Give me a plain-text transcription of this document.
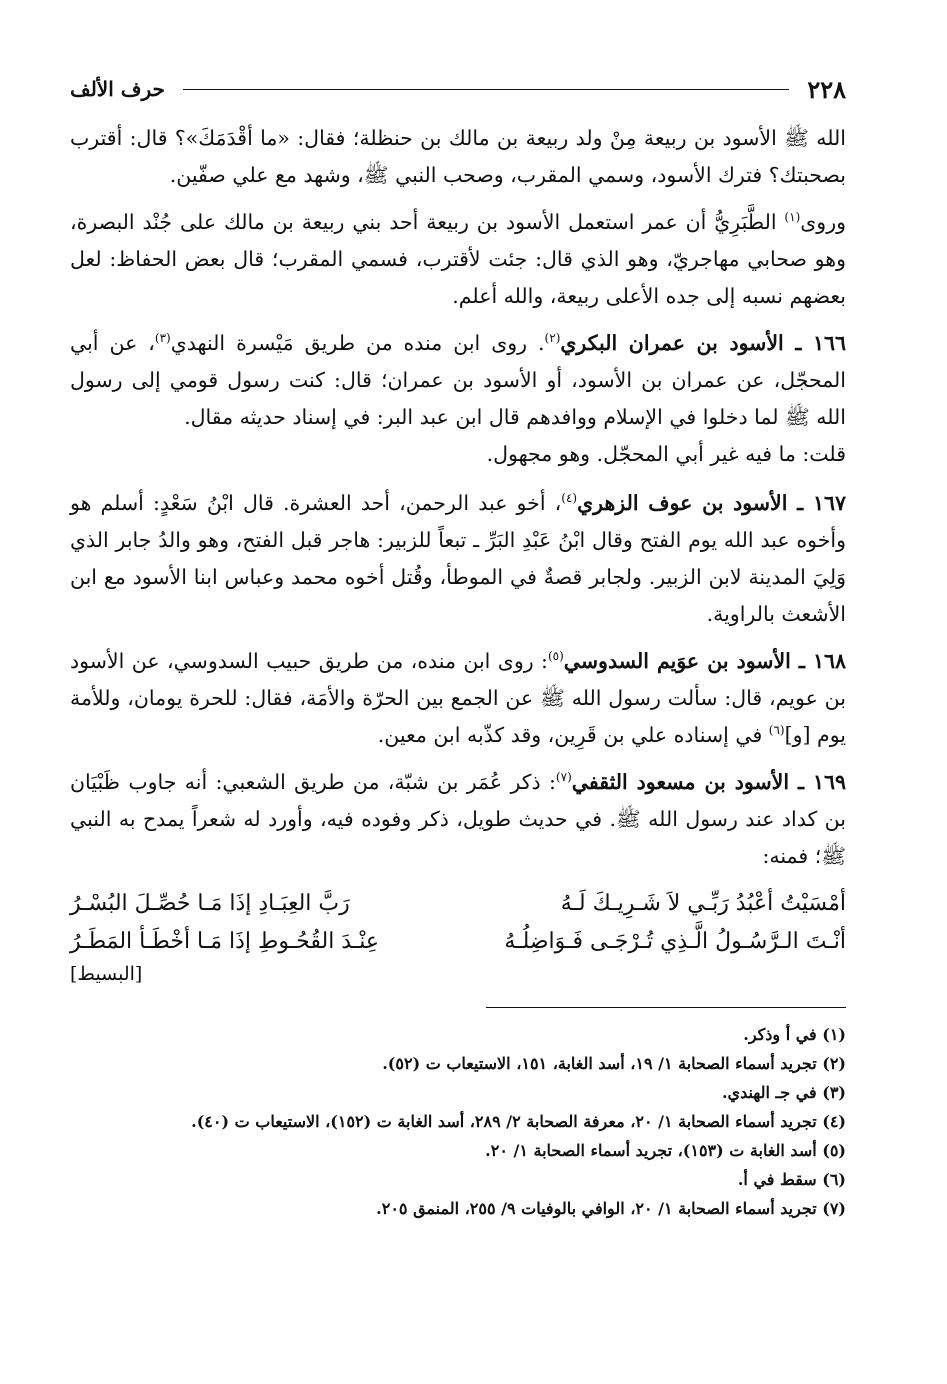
٢٢٨
حرف الألف

الله ﷺ الأسود بن ربيعة مِنْ ولد ربيعة بن مالك بن حنظلة؛ فقال: «ما أقْدَمَكَ»؟ قال: أقترب بصحبتك؟ فترك الأسود، وسمي المقرب، وصحب النبي ﷺ، وشهد مع علي صفّين.

وروى$^{(١)}$ الطَّبَرِيُّ أن عمر استعمل الأسود بن ربيعة أحد بني ربيعة بن مالك على جُنْد البصرة، وهو صحابي مهاجريّ، وهو الذي قال: جئت لأقترب، فسمي المقرب؛ قال بعض الحفاظ: لعل بعضهم نسبه إلى جده الأعلى ربيعة، والله أعلم.

١٦٦ ـ الأسود بن عمران البكري$^{(٢)}$. روى ابن منده من طريق مَيْسرة النهدي$^{(٣)}$، عن أبي المحجّل، عن عمران بن الأسود، أو الأسود بن عمران؛ قال: كنت رسول قومي إلى رسول الله ﷺ لما دخلوا في الإسلام ووافدهم قال ابن عبد البر: في إسناد حديثه مقال.

قلت: ما فيه غير أبي المحجّل. وهو مجهول.

١٦٧ ـ الأسود بن عوف الزهري$^{(٤)}$، أخو عبد الرحمن، أحد العشرة. قال ابْنُ سَعْدٍ: أسلم هو وأخوه عبد الله يوم الفتح وقال ابْنُ عَبْدِ البَرِّ ـ تبعاً للزبير: هاجر قبل الفتح، وهو والدُ جابر الذي وَلِيَ المدينة لابن الزبير. ولجابر قصةٌ في الموطأ، وقُتل أخوه محمد وعباس ابنا الأسود مع ابن الأشعث بالراوية.

١٦٨ ـ الأسود بن عوَيم السدوسي$^{(٥)}$: روى ابن منده، من طريق حبيب السدوسي، عن الأسود بن عويم، قال: سألت رسول الله ﷺ عن الجمع بين الحرّة والأمَة، فقال: للحرة يومان، وللأمة يوم [و]$^{(٦)}$ في إسناده علي بن قَرِين، وقد كذّبه ابن معين.

١٦٩ ـ الأسود بن مسعود الثقفي$^{(٧)}$: ذكر عُمَر بن شبّة، من طريق الشعبي: أنه جاوب ظَبْيَان بن كداد عند رسول الله ﷺ. في حديث طويل، ذكر وفوده فيه، وأورد له شعراً يمدح به النبي ﷺ؛ فمنه:

أمْسَيْتُ أعْبُدُ رَبِّـي لاَ شَـرِيـكَ لَـهُ
رَبَّ العِبَـادِ إذَا مَـا حُصِّـلَ البُسْـرُ
أنْـتَ الـرَّسُـولُ الَّـذِي تُـرْجَـى فَـوَاضِلُـهُ
عِنْـدَ القُحُـوطِ إذَا مَـا أخْطَـأ المَطَـرُ
[البسيط]
(١) في أ وذكر.
(٢) تجريد أسماء الصحابة ١/ ١٩، أسد الغابة، ١٥١، الاستيعاب ت (٥٢).
(٣) في جـ الهندي.
(٤) تجريد أسماء الصحابة ١/ ٢٠، معرفة الصحابة ٢/ ٢٨٩، أسد الغابة ت (١٥٢)، الاستيعاب ت (٤٠).
(٥) أسد الغابة ت (١٥٣)، تجريد أسماء الصحابة ١/ ٢٠.
(٦) سقط في أ.
(٧) تجريد أسماء الصحابة ١/ ٢٠، الوافي بالوفيات ٩/ ٢٥٥، المنمق ٢٠٥.
